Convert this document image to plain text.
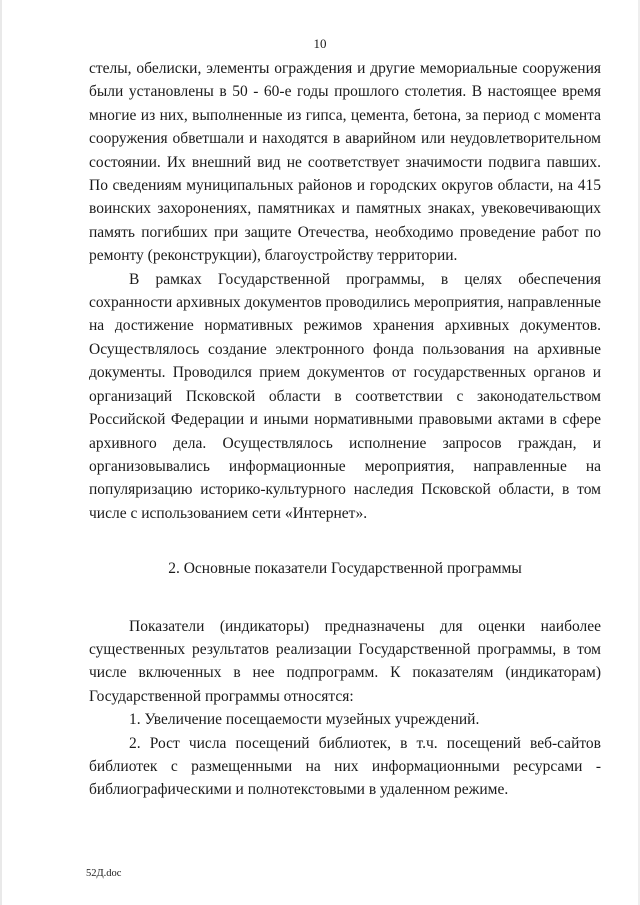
10

стелы, обелиски, элементы ограждения и другие мемориальные сооружения были установлены в 50 - 60-е годы прошлого столетия. В настоящее время многие из них, выполненные из гипса, цемента, бетона, за период с момента сооружения обветшали и находятся в аварийном или неудовлетворительном состоянии. Их внешний вид не соответствует значимости подвига павших. По сведениям муниципальных районов и городских округов области, на 415 воинских захоронениях, памятниках и памятных знаках, увековечивающих память погибших при защите Отечества, необходимо проведение работ по ремонту (реконструкции), благоустройству территории.

В рамках Государственной программы, в целях обеспечения сохранности архивных документов проводились мероприятия, направленные на достижение нормативных режимов хранения архивных документов. Осуществлялось создание электронного фонда пользования на архивные документы. Проводился прием документов от государственных органов и организаций Псковской области в соответствии с законодательством Российской Федерации и иными нормативными правовыми актами в сфере архивного дела. Осуществлялось исполнение запросов граждан, и организовывались информационные мероприятия, направленные на популяризацию историко-культурного наследия Псковской области, в том числе с использованием сети «Интернет».

2. Основные показатели Государственной программы

Показатели (индикаторы) предназначены для оценки наиболее существенных результатов реализации Государственной программы, в том числе включенных в нее подпрограмм. К показателям (индикаторам) Государственной программы относятся:

1. Увеличение посещаемости музейных учреждений.

2. Рост числа посещений библиотек, в т.ч. посещений веб-сайтов библиотек с размещенными на них информационными ресурсами - библиографическими и полнотекстовыми в удаленном режиме.

52Д.doc
